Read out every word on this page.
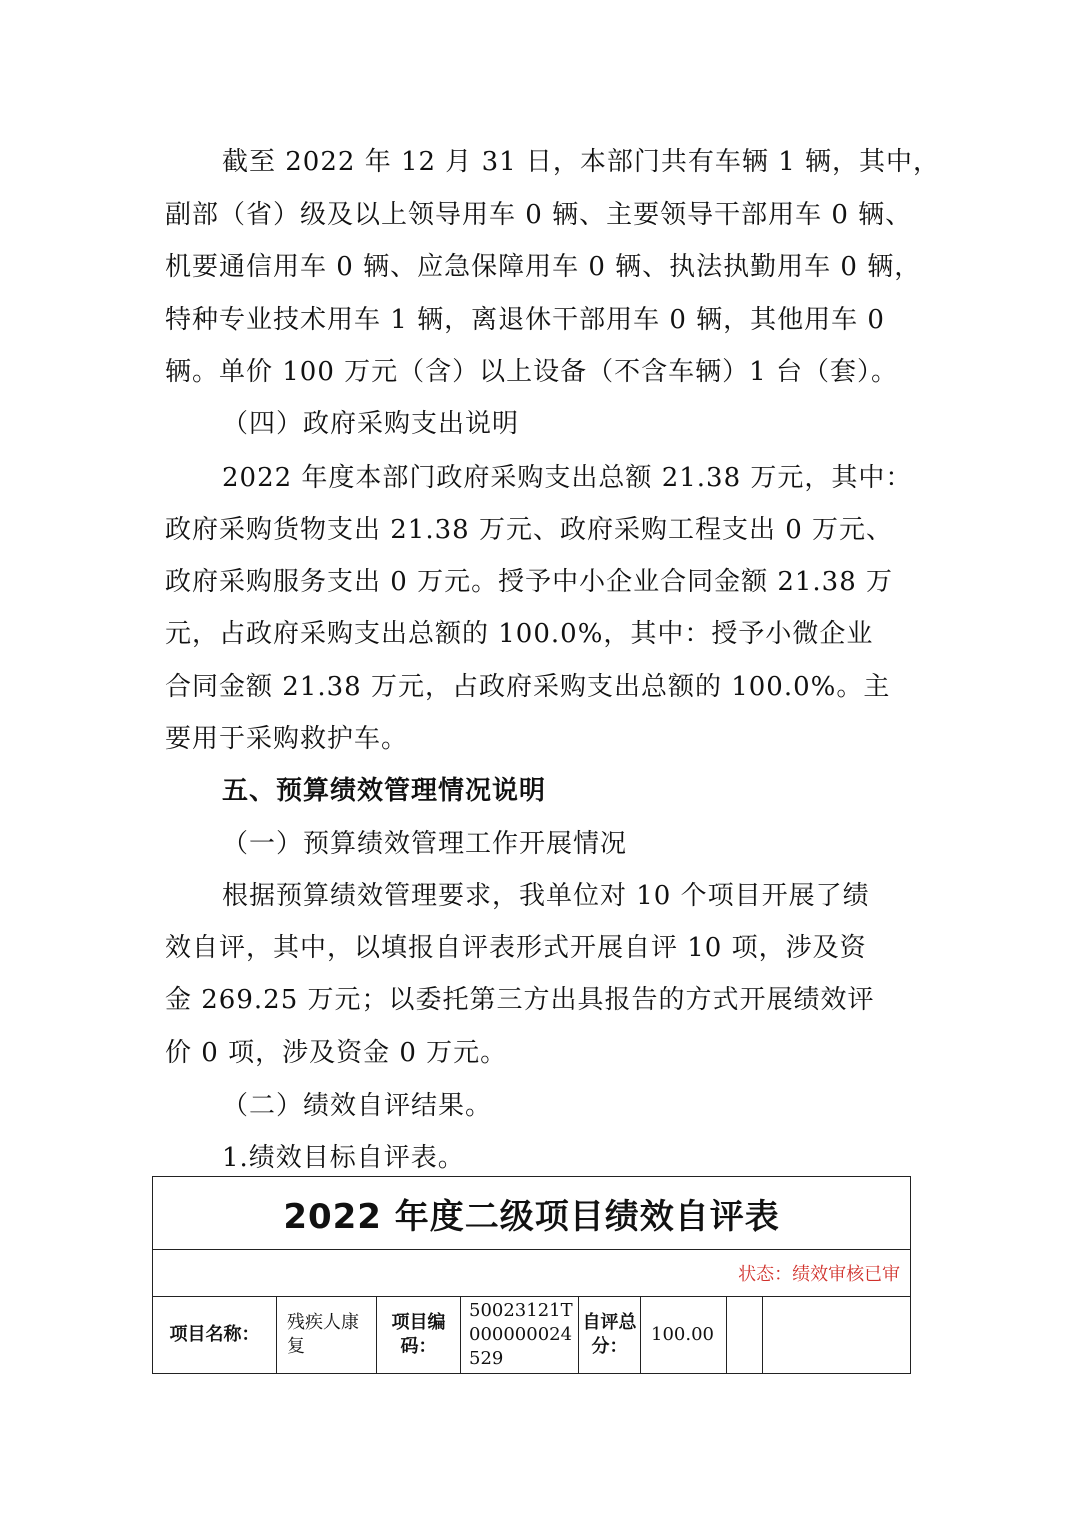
截至 2022 年 12 月 31 日，本部门共有车辆 1 辆，其中，
副部（省）级及以上领导用车 0 辆、主要领导干部用车 0 辆、
机要通信用车 0 辆、应急保障用车 0 辆、执法执勤用车 0 辆，
特种专业技术用车 1 辆，离退休干部用车 0 辆，其他用车 0
辆。单价 100 万元（含）以上设备（不含车辆）1 台（套）。
（四）政府采购支出说明
2022 年度本部门政府采购支出总额 21.38 万元，其中：
政府采购货物支出 21.38 万元、政府采购工程支出 0 万元、
政府采购服务支出 0 万元。授予中小企业合同金额 21.38 万
元，占政府采购支出总额的 100.0%，其中：授予小微企业
合同金额 21.38 万元，占政府采购支出总额的 100.0%。主
要用于采购救护车。
五、预算绩效管理情况说明
（一）预算绩效管理工作开展情况
根据预算绩效管理要求，我单位对 10 个项目开展了绩
效自评，其中，以填报自评表形式开展自评 10 项，涉及资
金 269.25 万元；以委托第三方出具报告的方式开展绩效评
价 0 项，涉及资金 0 万元。
（二）绩效自评结果。
1.绩效目标自评表。
2022 年度二级项目绩效自评表
状态：绩效审核已审
项目名称：	残疾人康复	项目编码：	50023121T000000024529	自评总分：	100.00		
